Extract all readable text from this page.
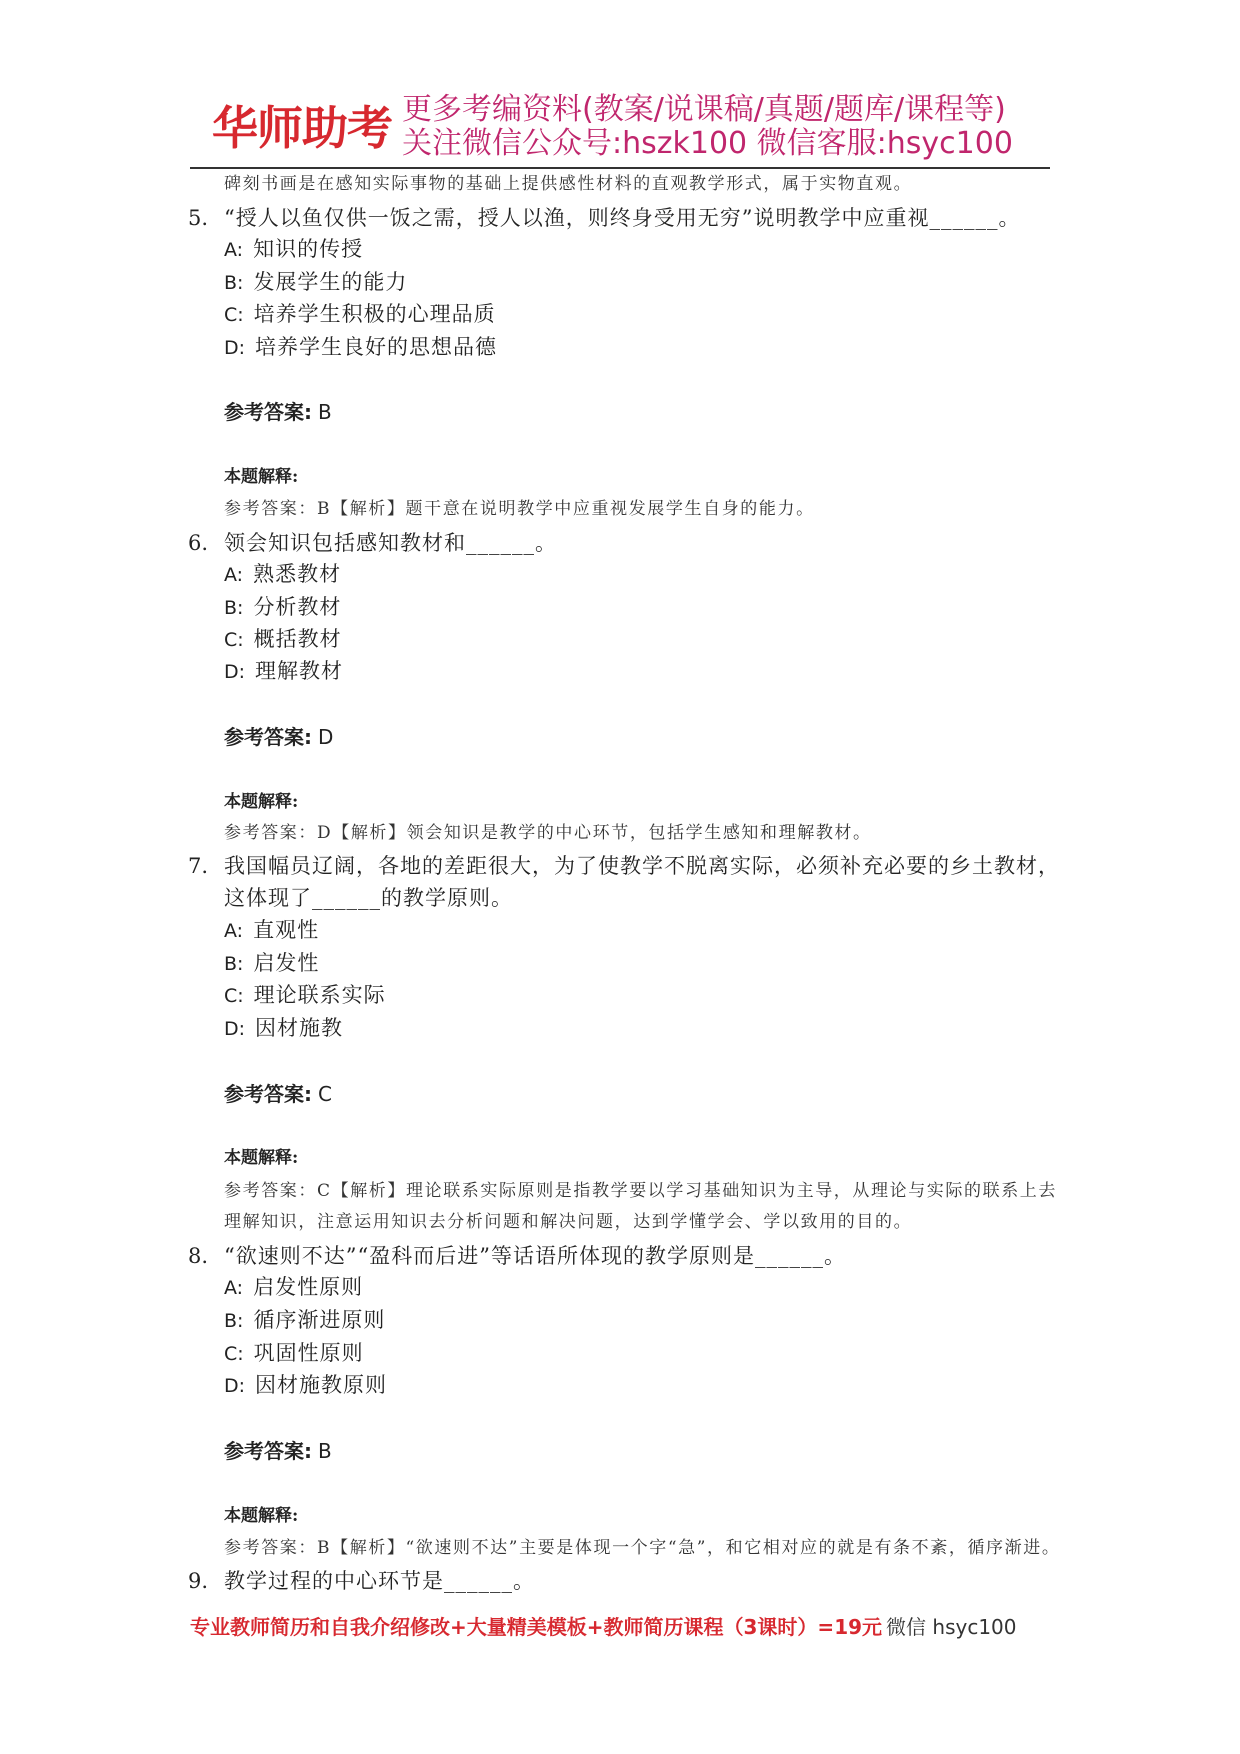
华师助考 更多考编资料(教案/说课稿/真题/题库/课程等)
关注微信公众号:hszk100 微信客服:hsyc100
碑刻书画是在感知实际事物的基础上提供感性材料的直观教学形式，属于实物直观。
5. “授人以鱼仅供一饭之需，授人以渔，则终身受用无穷”说明教学中应重视______。
A: 知识的传授
B: 发展学生的能力
C: 培养学生积极的心理品质
D: 培养学生良好的思想品德
参考答案: B
本题解释:
参考答案：B【解析】题干意在说明教学中应重视发展学生自身的能力。
6. 领会知识包括感知教材和______。
A: 熟悉教材
B: 分析教材
C: 概括教材
D: 理解教材
参考答案: D
本题解释:
参考答案：D【解析】领会知识是教学的中心环节，包括学生感知和理解教材。
7. 我国幅员辽阔，各地的差距很大，为了使教学不脱离实际，必须补充必要的乡土教材，
这体现了______的教学原则。
A: 直观性
B: 启发性
C: 理论联系实际
D: 因材施教
参考答案: C
本题解释:
参考答案：C【解析】理论联系实际原则是指教学要以学习基础知识为主导，从理论与实际的联系上去
理解知识，注意运用知识去分析问题和解决问题，达到学懂学会、学以致用的目的。
8. “欲速则不达”“盈科而后进”等话语所体现的教学原则是______。
A: 启发性原则
B: 循序渐进原则
C: 巩固性原则
D: 因材施教原则
参考答案: B
本题解释:
参考答案：B【解析】“欲速则不达”主要是体现一个字“急”，和它相对应的就是有条不紊，循序渐进。
9. 教学过程的中心环节是______。
专业教师简历和自我介绍修改+大量精美模板+教师简历课程（3课时）=19元 微信 hsyc100
